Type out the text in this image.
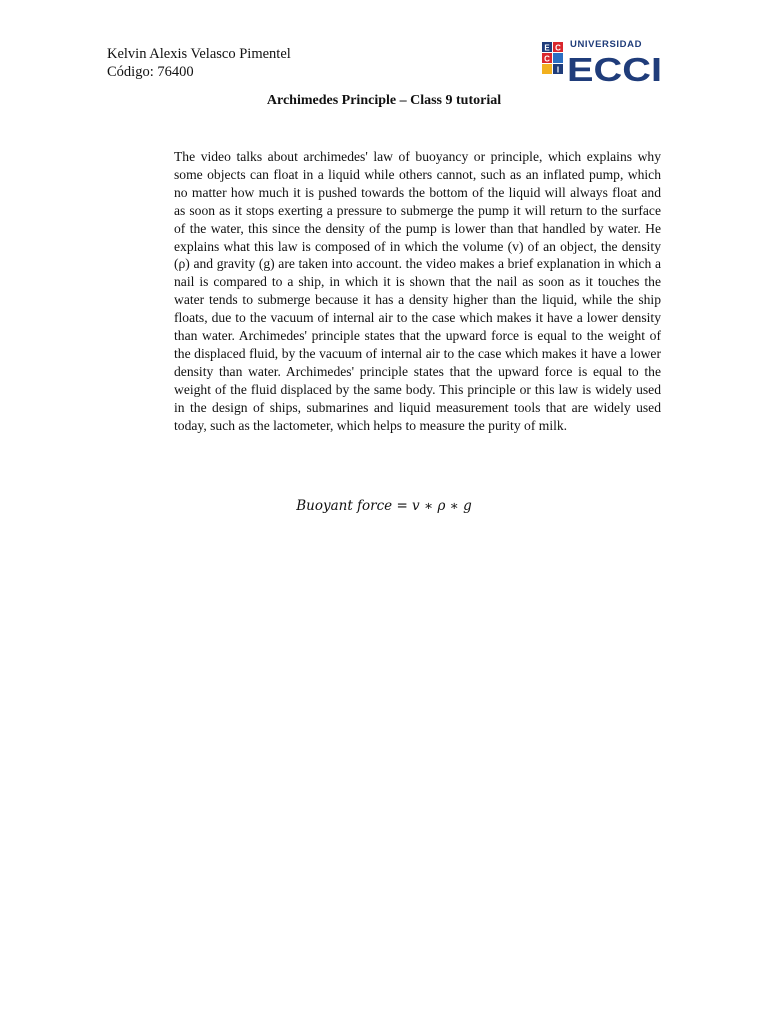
Kelvin Alexis Velasco Pimentel
Código: 76400
E C
C
I
UNIVERSIDAD
ECCI
Archimedes Principle – Class 9 tutorial
The video talks about archimedes' law of buoyancy or principle, which explains why some objects can float in a liquid while others cannot, such as an inflated pump, which no matter how much it is pushed towards the bottom of the liquid will always float and as soon as it stops exerting a pressure to submerge the pump it will return to the surface of the water, this since the density of the pump is lower than that handled by water. He explains what this law is composed of in which the volume (v) of an object, the density (ρ) and gravity (g) are taken into account. the video makes a brief explanation in which a nail is compared to a ship, in which it is shown that the nail as soon as it touches the water tends to submerge because it has a density higher than the liquid, while the ship floats, due to the vacuum of internal air to the case which makes it have a lower density than water. Archimedes' principle states that the upward force is equal to the weight of the displaced fluid, by the vacuum of internal air to the case which makes it have a lower density than water. Archimedes' principle states that the upward force is equal to the weight of the fluid displaced by the same body. This principle or this law is widely used in the design of ships, submarines and liquid measurement tools that are widely used today, such as the lactometer, which helps to measure the purity of milk.
Buoyant force = v ∗ ρ ∗ g
